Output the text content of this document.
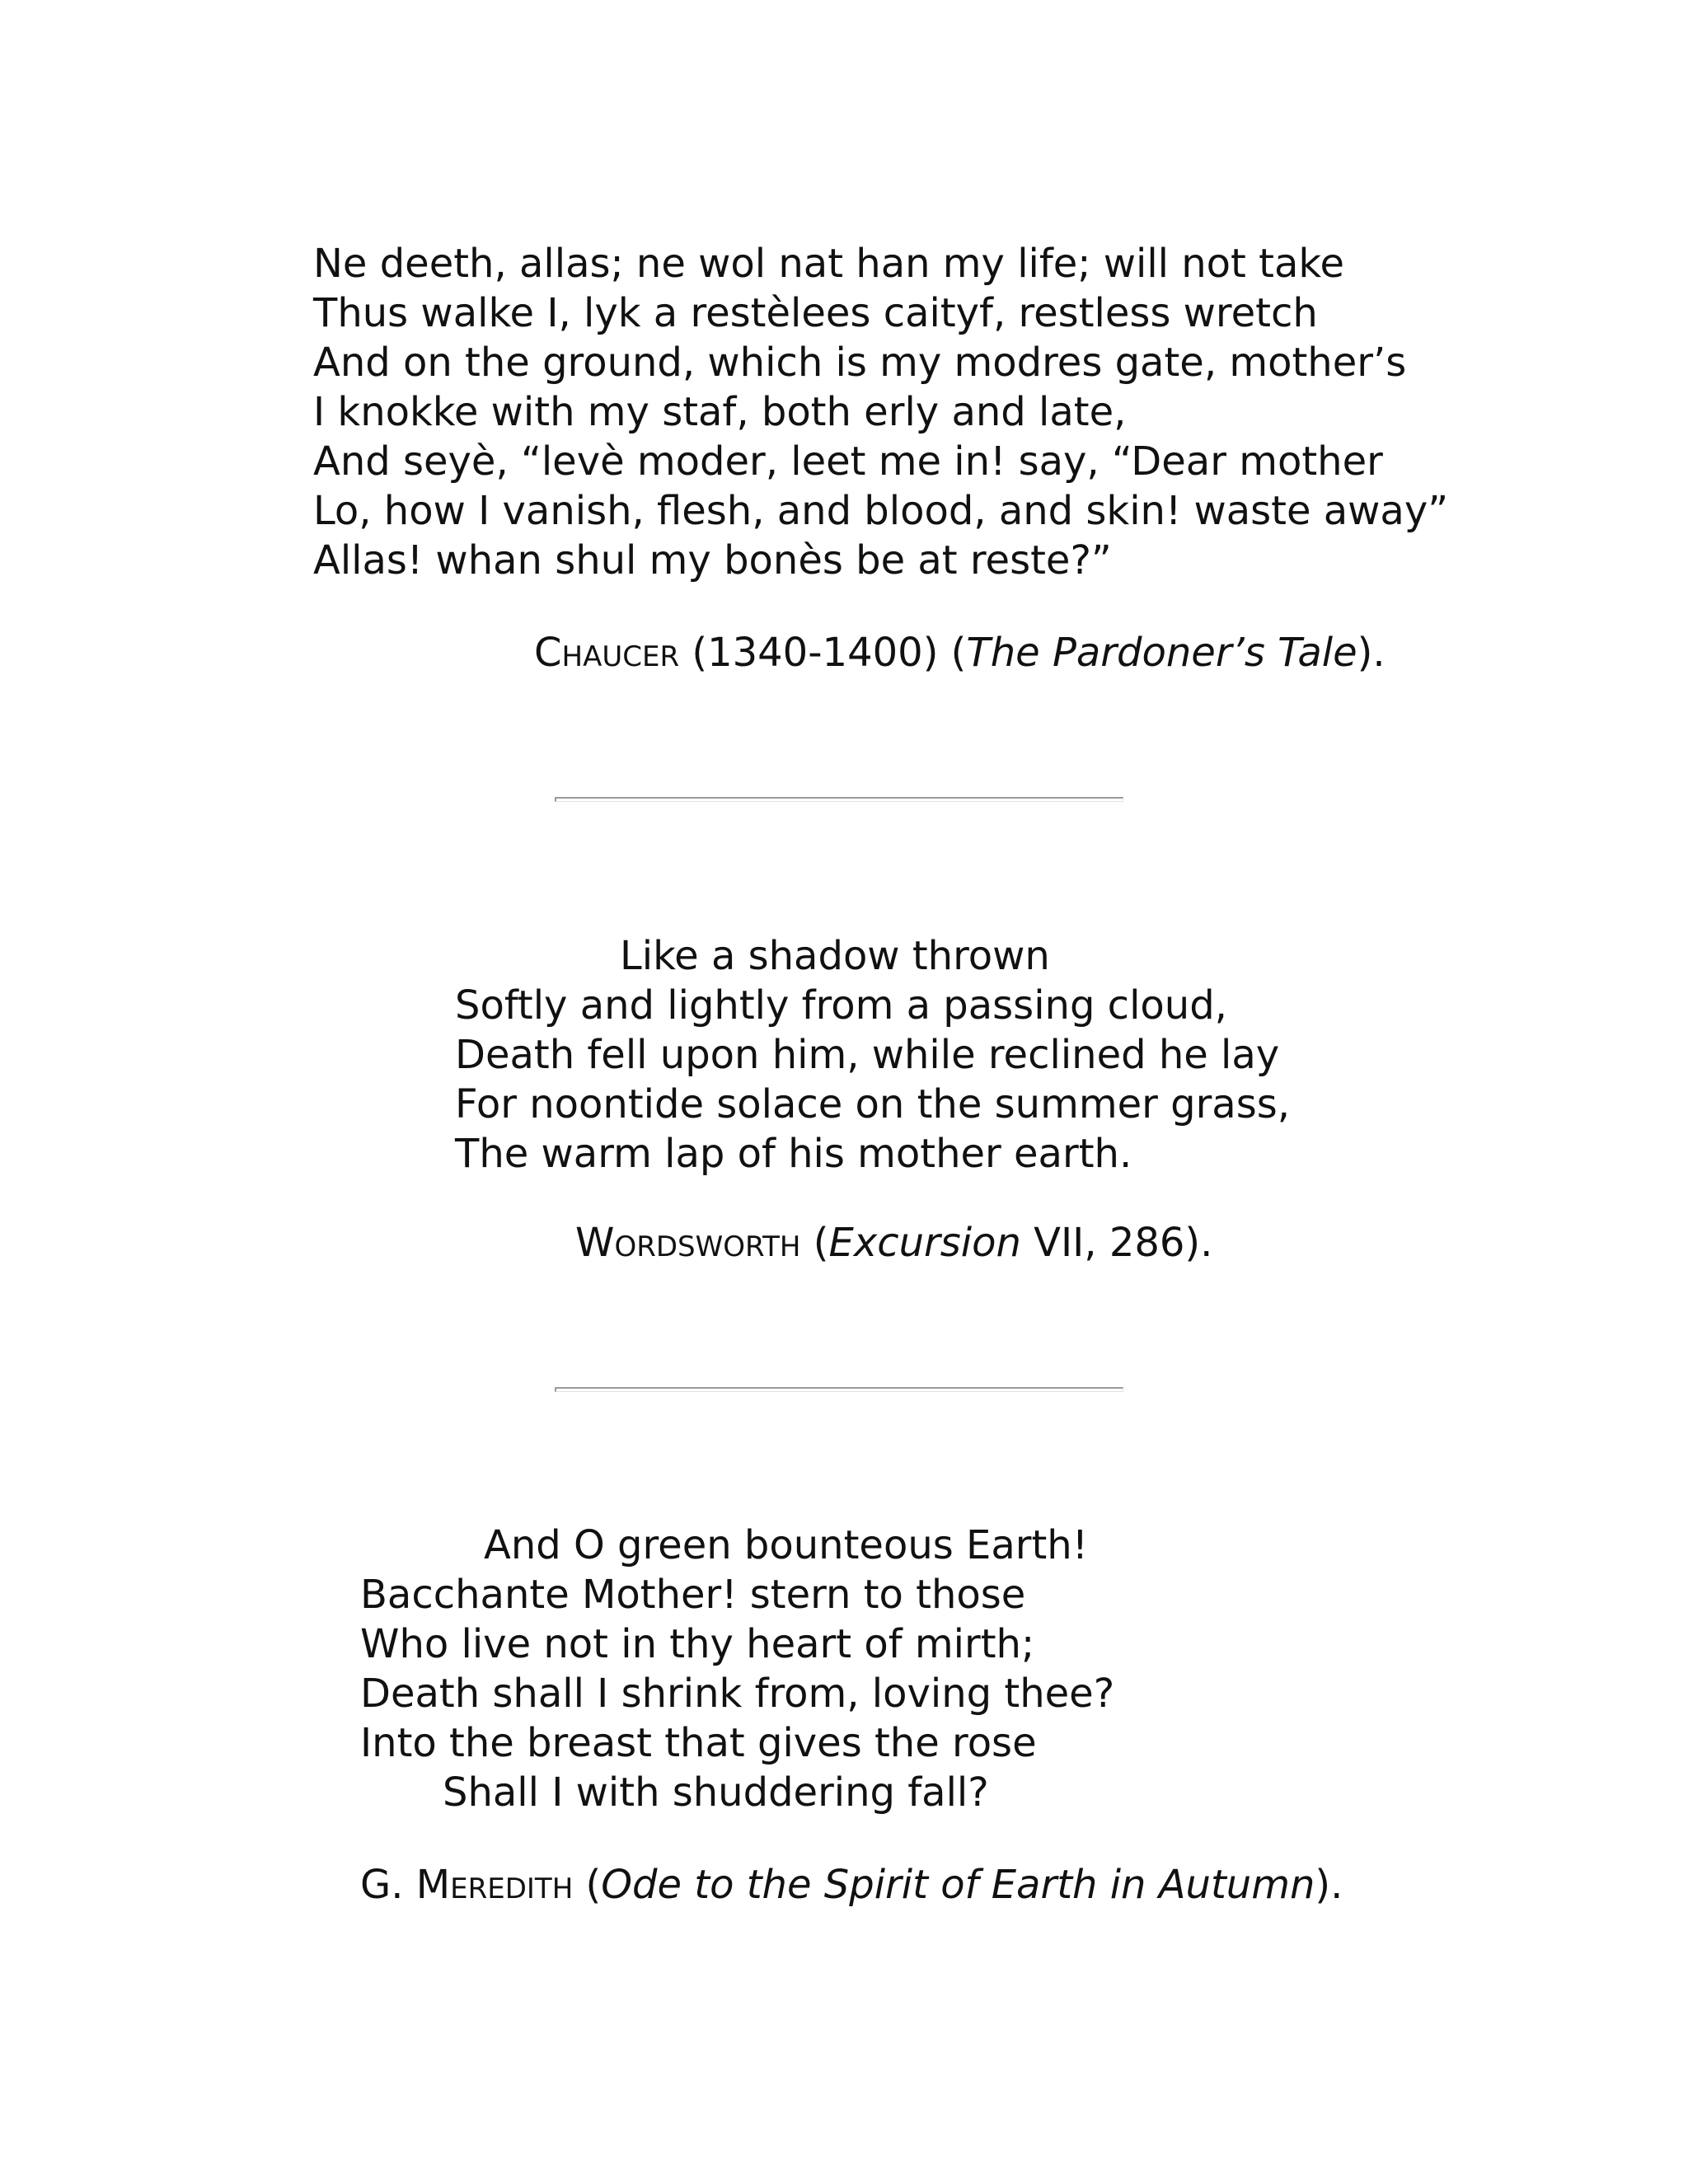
Ne deeth, allas; ne wol nat han my life; will not take
Thus walke I, lyk a restèlees caityf, restless wretch
And on the ground, which is my modres gate, mother’s
I knokke with my staf, both erly and late,
And seyè, “levè moder, leet me in! say, “Dear mother
Lo, how I vanish, flesh, and blood, and skin! waste away”
Allas! whan shul my bonès be at reste?”
Chaucer (1340-1400) (The Pardoner’s Tale).
Like a shadow thrown
Softly and lightly from a passing cloud,
Death fell upon him, while reclined he lay
For noontide solace on the summer grass,
The warm lap of his mother earth.
Wordsworth (Excursion VII, 286).
And O green bounteous Earth!
Bacchante Mother! stern to those
Who live not in thy heart of mirth;
Death shall I shrink from, loving thee?
Into the breast that gives the rose
Shall I with shuddering fall?
G. Meredith (Ode to the Spirit of Earth in Autumn).
